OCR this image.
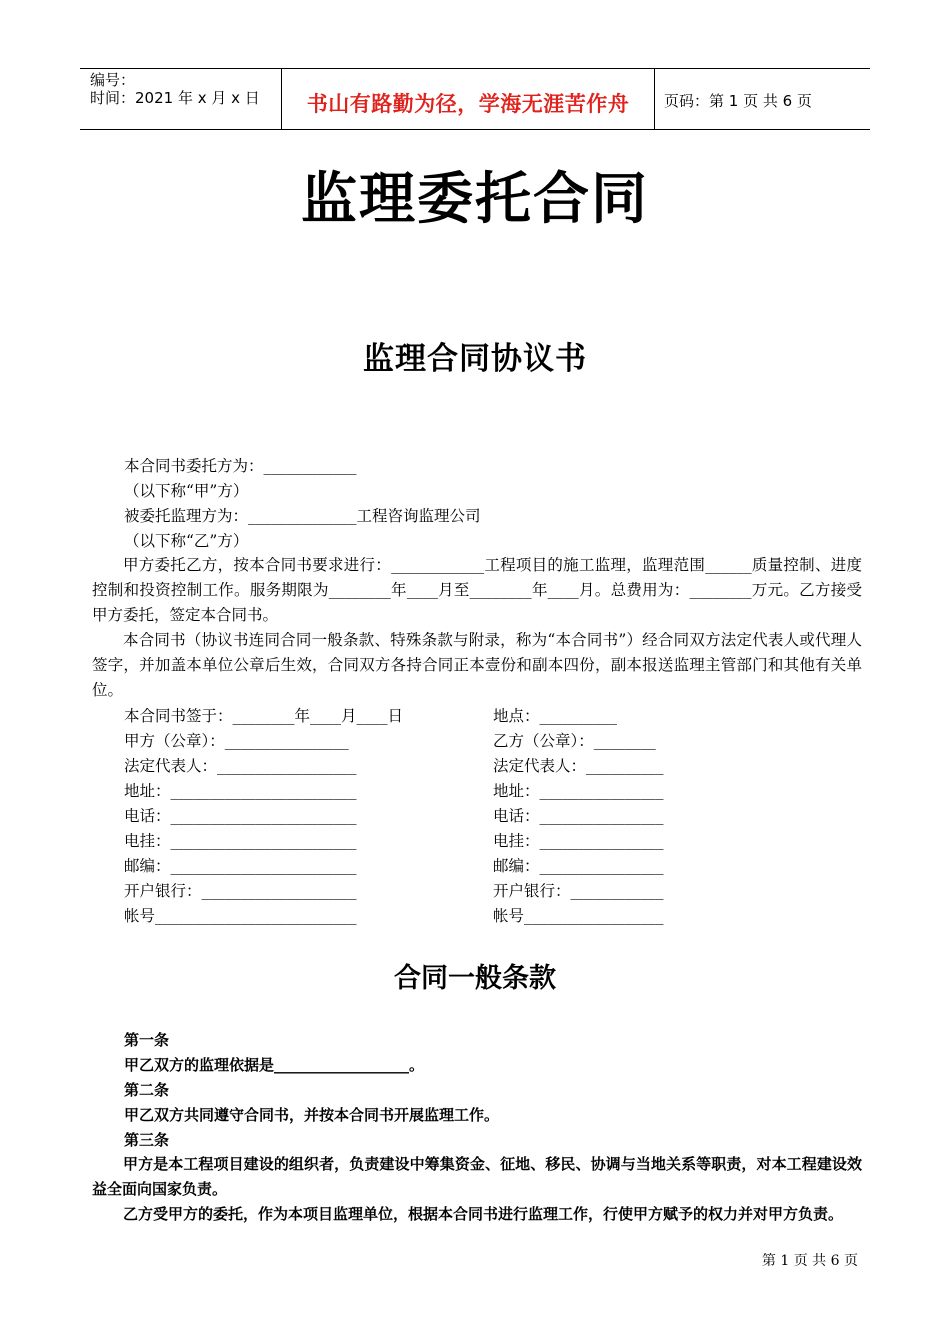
编号：
时间：2021 年 x 月 x 日	书山有路勤为径，学海无涯苦作舟	页码：第 1 页 共 6 页
监理委托合同
监理合同协议书
本合同书委托方为：____________
（以下称“甲”方）
被委托监理方为：______________工程咨询监理公司
（以下称“乙”方）
甲方委托乙方，按本合同书要求进行：____________工程项目的施工监理，监理范围______质量控制、进度控制和投资控制工作。服务期限为________年____月至________年____月。总费用为：________万元。乙方接受甲方委托，签定本合同书。
本合同书（协议书连同合同一般条款、特殊条款与附录，称为“本合同书”）经合同双方法定代表人或代理人签字，并加盖本单位公章后生效，合同双方各持合同正本壹份和副本四份，副本报送监理主管部门和其他有关单位。
本合同书签于：________年____月____日
甲方（公章）：________________
法定代表人：__________________
地址：________________________
电话：________________________
电挂：________________________
邮编：________________________
开户银行：____________________
帐号__________________________
地点：__________
乙方（公章）：________
法定代表人：__________
地址：________________
电话：________________
电挂：________________
邮编：________________
开户银行：____________
帐号__________________
合同一般条款
第一条
甲乙双方的监理依据是__________________。
第二条
甲乙双方共同遵守合同书，并按本合同书开展监理工作。
第三条
甲方是本工程项目建设的组织者，负责建设中筹集资金、征地、移民、协调与当地关系等职责，对本工程建设效益全面向国家负责。
乙方受甲方的委托，作为本项目监理单位，根据本合同书进行监理工作，行使甲方赋予的权力并对甲方负责。
第 1 页 共 6 页
